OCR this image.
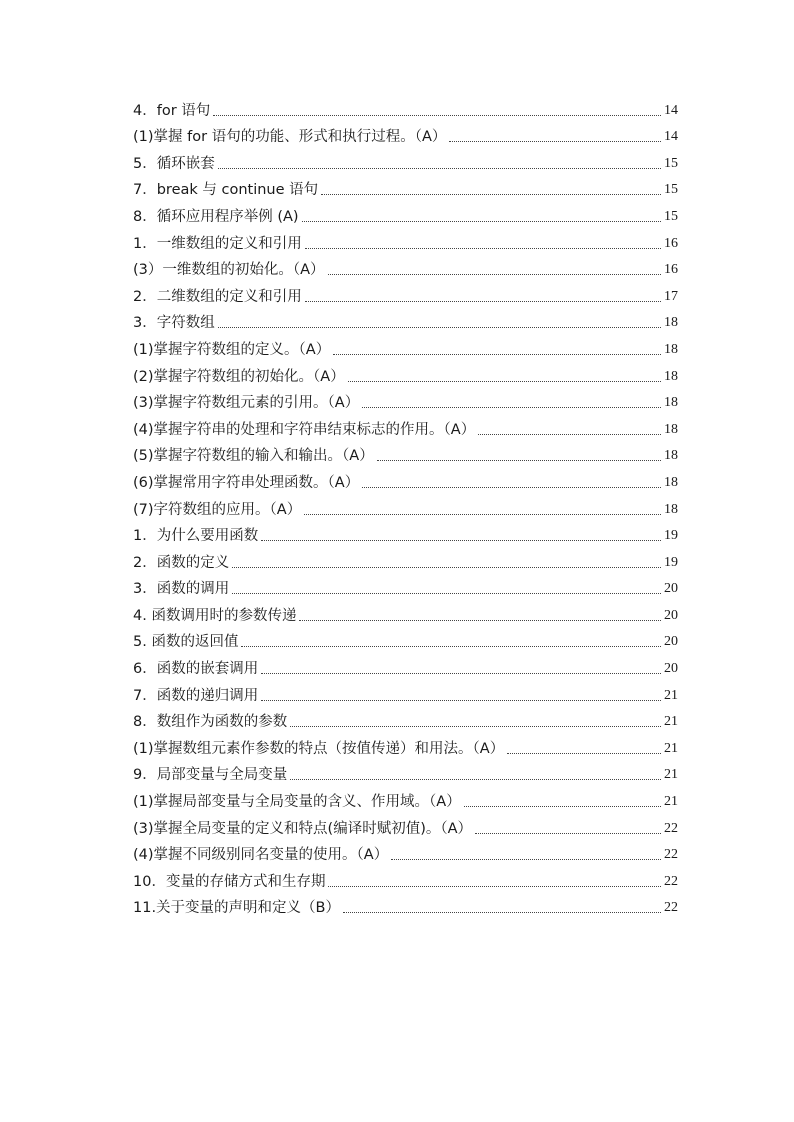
4．for 语句	14
(1)掌握 for 语句的功能、形式和执行过程。（A）	14
5．循环嵌套	15
7．break 与 continue 语句	15
8．循环应用程序举例 (A)	15
1．一维数组的定义和引用	16
(3）一维数组的初始化。（A）	16
2．二维数组的定义和引用	17
3．字符数组	18
(1)掌握字符数组的定义。（A）	18
(2)掌握字符数组的初始化。（A）	18
(3)掌握字符数组元素的引用。（A）	18
(4)掌握字符串的处理和字符串结束标志的作用。（A）	18
(5)掌握字符数组的输入和输出。（A）	18
(6)掌握常用字符串处理函数。（A）	18
(7)字符数组的应用。（A）	18
1．为什么要用函数	19
2．函数的定义	19
3．函数的调用	20
4. 函数调用时的参数传递	20
5. 函数的返回值	20
6．函数的嵌套调用	20
7．函数的递归调用	21
8．数组作为函数的参数	21
(1)掌握数组元素作参数的特点（按值传递）和用法。（A）	21
9．局部变量与全局变量	21
(1)掌握局部变量与全局变量的含义、作用域。（A）	21
(3)掌握全局变量的定义和特点(编译时赋初值)。（A）	22
(4)掌握不同级别同名变量的使用。（A）	22
10．变量的存储方式和生存期	22
11.关于变量的声明和定义（B）	22
